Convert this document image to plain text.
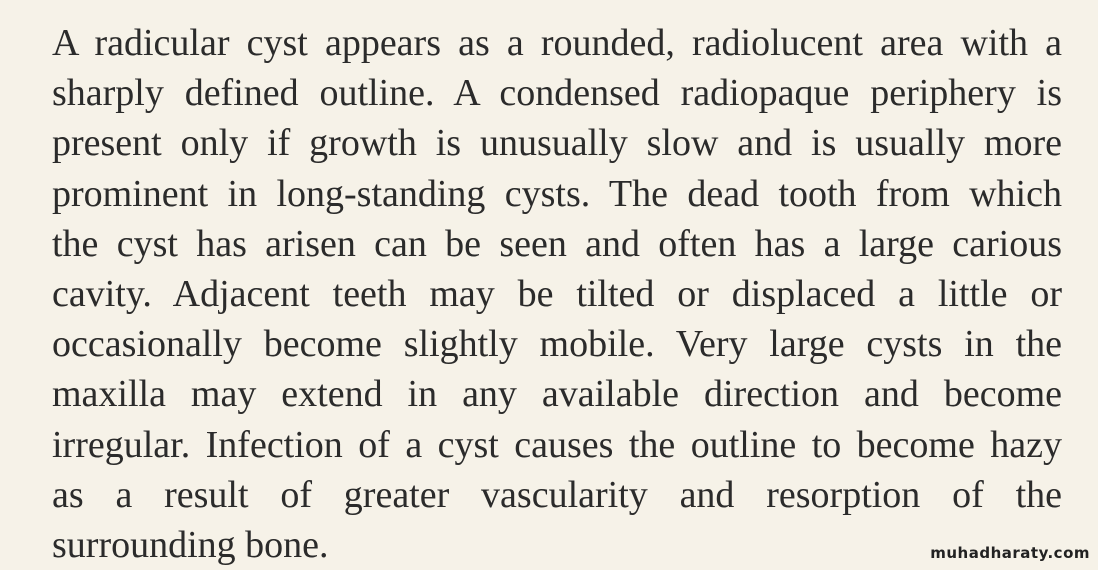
A radicular cyst appears as a rounded, radiolucent area with a
sharply defined outline. A condensed radiopaque periphery is
present only if growth is unusually slow and is usually more
prominent in long-standing cysts. The dead tooth from which
the cyst has arisen can be seen and often has a large carious
cavity. Adjacent teeth may be tilted or displaced a little or
occasionally become slightly mobile. Very large cysts in the
maxilla may extend in any available direction and become
irregular. Infection of a cyst causes the outline to become hazy
as a result of greater vascularity and resorption of the
surrounding bone.	muhadharaty.com
